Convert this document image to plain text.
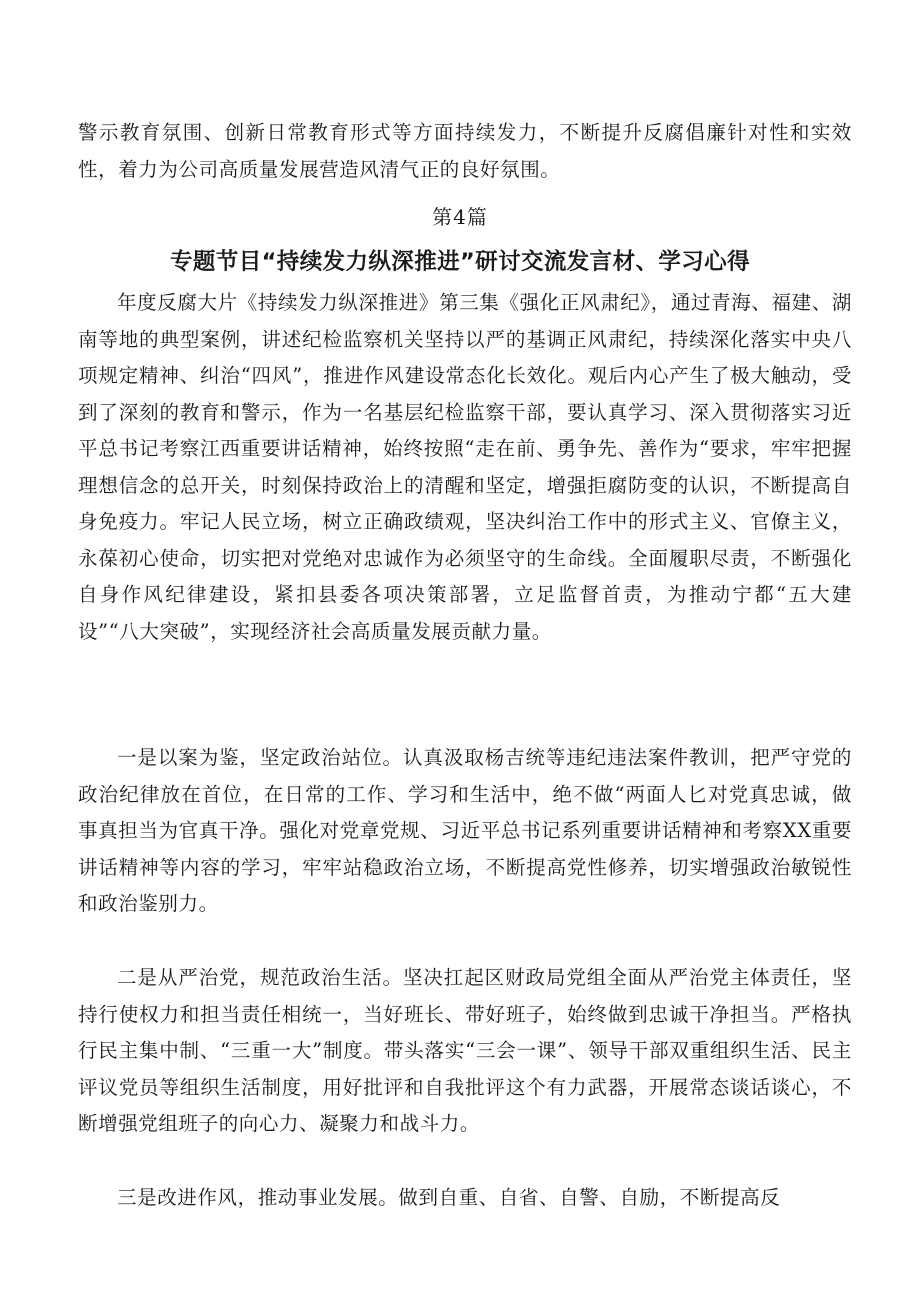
警示教育氛围、创新日常教育形式等方面持续发力，不断提升反腐倡廉针对性和实效性，着力为公司高质量发展营造风清气正的良好氛围。

第4篇

专题节目“持续发力纵深推进”研讨交流发言材、学习心得

年度反腐大片《持续发力纵深推进》第三集《强化正风肃纪》，通过青海、福建、湖南等地的典型案例，讲述纪检监察机关坚持以严的基调正风肃纪，持续深化落实中央八项规定精神、纠治“四风”，推进作风建设常态化长效化。观后内心产生了极大触动，受到了深刻的教育和警示，作为一名基层纪检监察干部，要认真学习、深入贯彻落实习近平总书记考察江西重要讲话精神，始终按照“走在前、勇争先、善作为“要求，牢牢把握理想信念的总开关，时刻保持政治上的清醒和坚定，增强拒腐防变的认识，不断提高自身免疫力。牢记人民立场，树立正确政绩观，坚决纠治工作中的形式主义、官僚主义，永葆初心使命，切实把对党绝对忠诚作为必须坚守的生命线。全面履职尽责，不断强化自身作风纪律建设，紧扣县委各项决策部署，立足监督首责，为推动宁都“五大建设”“八大突破”，实现经济社会高质量发展贡献力量。

一是以案为鉴，坚定政治站位。认真汲取杨吉统等违纪违法案件教训，把严守党的政治纪律放在首位，在日常的工作、学习和生活中，绝不做“两面人匕对党真忠诚，做事真担当为官真干净。强化对党章党规、习近平总书记系列重要讲话精神和考察XX重要讲话精神等内容的学习，牢牢站稳政治立场，不断提高党性修养，切实增强政治敏锐性和政治鉴别力。

二是从严治党，规范政治生活。坚决扛起区财政局党组全面从严治党主体责任，坚持行使权力和担当责任相统一，当好班长、带好班子，始终做到忠诚干净担当。严格执行民主集中制、“三重一大”制度。带头落实“三会一课”、领导干部双重组织生活、民主评议党员等组织生活制度，用好批评和自我批评这个有力武器，开展常态谈话谈心，不断增强党组班子的向心力、凝聚力和战斗力。

三是改进作风，推动事业发展。做到自重、自省、自警、自励，不断提高反
